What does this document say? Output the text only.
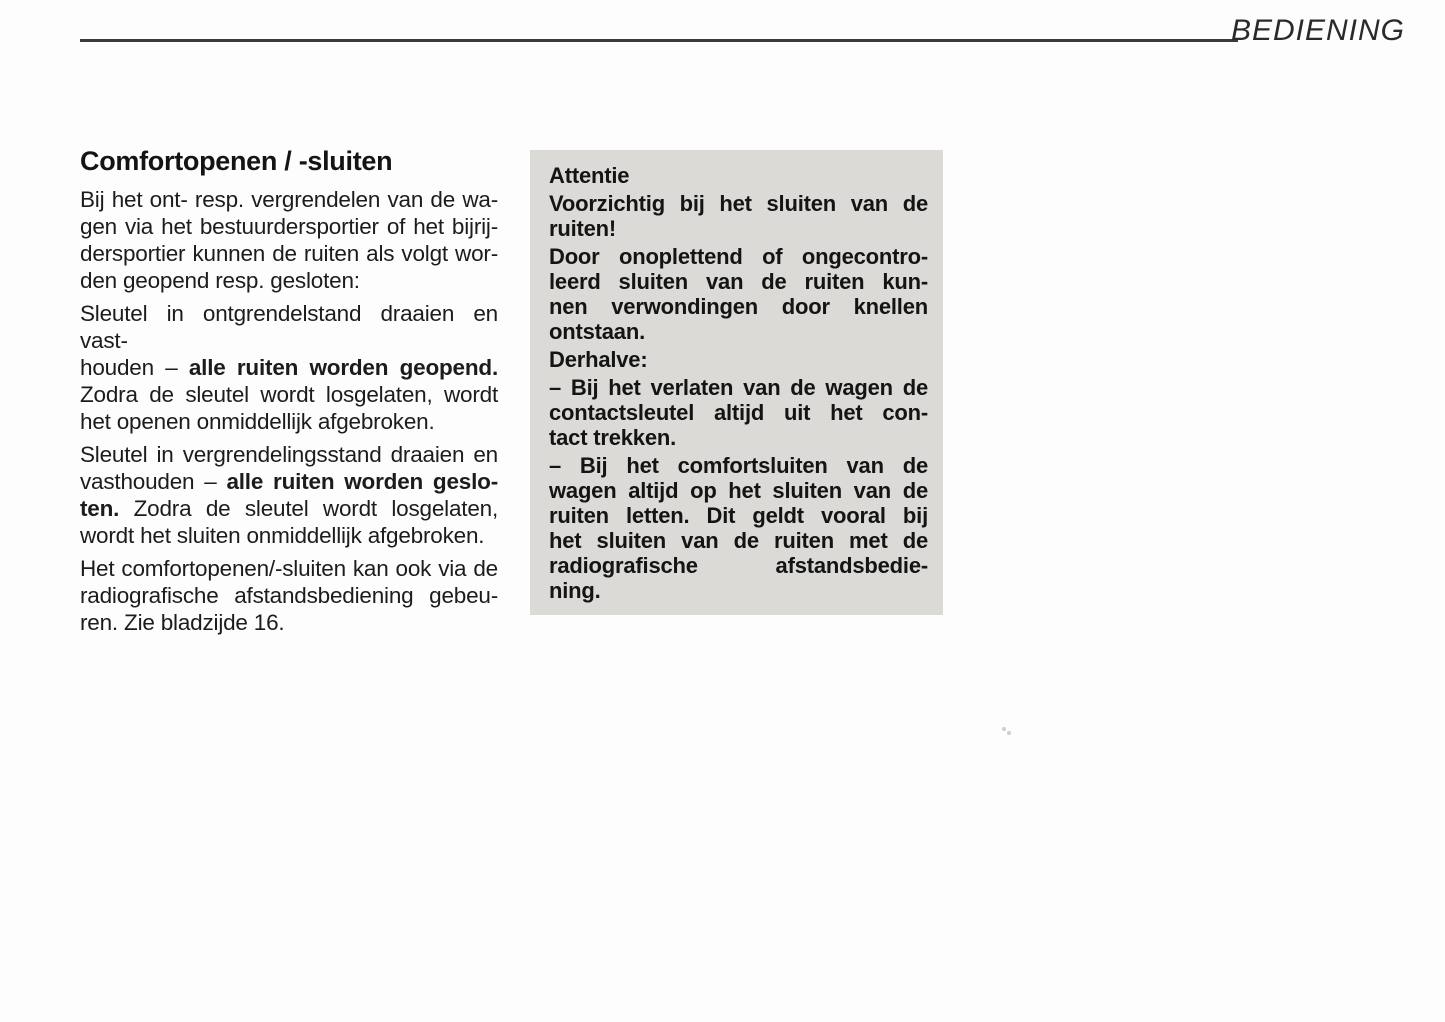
BEDIENING
Comfortopenen / -sluiten
Bij het ont- resp. vergrendelen van de wa-
gen via het bestuurdersportier of het bijrij-
dersportier kunnen de ruiten als volgt wor-
den geopend resp. gesloten:
Sleutel in ontgrendelstand draaien en vast-
houden – alle ruiten worden geopend.
Zodra de sleutel wordt losgelaten, wordt
het openen onmiddellijk afgebroken.
Sleutel in vergrendelingsstand draaien en
vasthouden – alle ruiten worden geslo-
ten. Zodra de sleutel wordt losgelaten,
wordt het sluiten onmiddellijk afgebroken.
Het comfortopenen/-sluiten kan ook via de
radiografische afstandsbediening gebeu-
ren. Zie bladzijde 16.
Attentie
Voorzichtig bij het sluiten van de
ruiten!
Door onoplettend of ongecontro-
leerd sluiten van de ruiten kun-
nen verwondingen door knellen
ontstaan.
Derhalve:
– Bij het verlaten van de wagen de
contactsleutel altijd uit het con-
tact trekken.
– Bij het comfortsluiten van de
wagen altijd op het sluiten van de
ruiten letten. Dit geldt vooral bij
het sluiten van de ruiten met de
radiografische afstandsbedie-
ning.
